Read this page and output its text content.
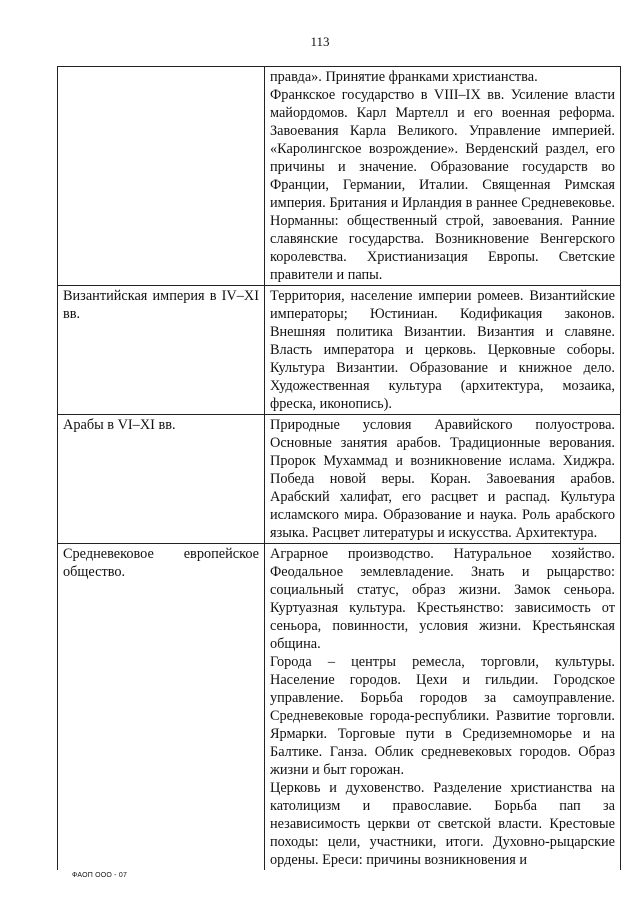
113

	правда». Принятие франками христианства.

Франкское государство в VIII–IX вв. Усиление власти майордомов. Карл Мартелл и его военная реформа. Завоевания Карла Великого. Управление империей. «Каролингское возрождение». Верденский раздел, его причины и значение. Образование государств во Франции, Германии, Италии. Священная Римская империя. Британия и Ирландия в раннее Средневековье. Норманны: общественный строй, завоевания. Ранние славянские государства. Возникновение Венгерского королевства. Христианизация Европы. Светские правители и папы.

Византийская империя в IV–XI вв.	Территория, население империи ромеев. Византийские императоры; Юстиниан. Кодификация законов. Внешняя политика Византии. Византия и славяне. Власть императора и церковь. Церковные соборы. Культура Византии. Образование и книжное дело. Художественная культура (архитектура, мозаика, фреска, иконопись).

Арабы в VI–XI вв.	Природные условия Аравийского полуострова. Основные занятия арабов. Традиционные верования. Пророк Мухаммад и возникновение ислама. Хиджра. Победа новой веры. Коран. Завоевания арабов. Арабский халифат, его расцвет и распад. Культура исламского мира. Образование и наука. Роль арабского языка. Расцвет литературы и искусства. Архитектура.

Средневековое европейское общество.	Аграрное производство. Натуральное хозяйство. Феодальное землевладение. Знать и рыцарство: социальный статус, образ жизни. Замок сеньора. Куртуазная культура. Крестьянство: зависимость от сеньора, повинности, условия жизни. Крестьянская община.

Города – центры ремесла, торговли, культуры. Население городов. Цехи и гильдии. Городское управление. Борьба городов за самоуправление. Средневековые города-республики. Развитие торговли. Ярмарки. Торговые пути в Средиземноморье и на Балтике. Ганза. Облик средневековых городов. Образ жизни и быт горожан.

Церковь и духовенство. Разделение христианства на католицизм и православие. Борьба пап за независимость церкви от светской власти. Крестовые походы: цели, участники, итоги. Духовно-рыцарские ордены. Ереси: причины возникновения и

ФАОП ООО - 07
